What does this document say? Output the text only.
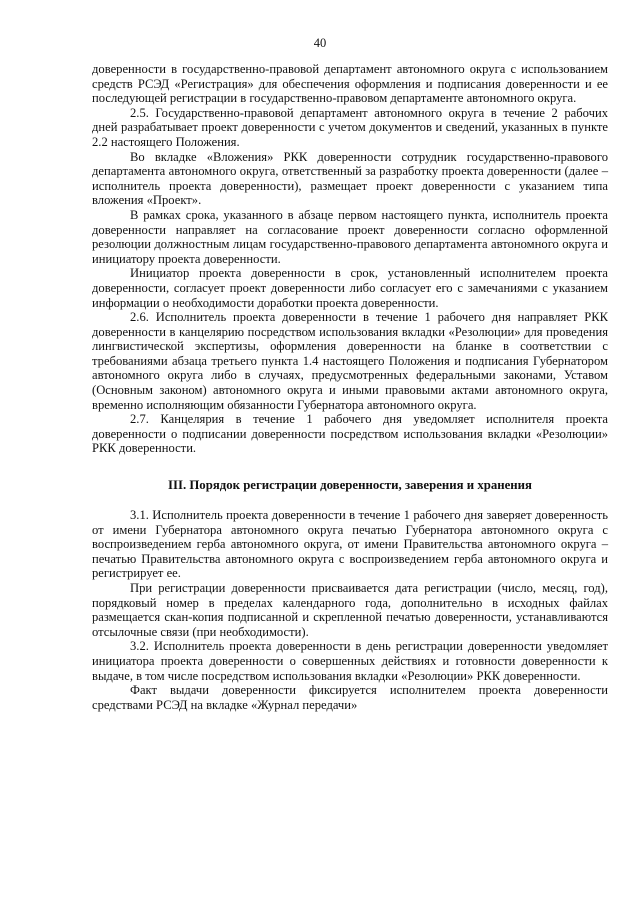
40

доверенности в государственно-правовой департамент автономного округа с использованием средств РСЭД «Регистрация» для обеспечения оформления и подписания доверенности и ее последующей регистрации в государственно-правовом департаменте автономного округа.

2.5. Государственно-правовой департамент автономного округа в течение 2 рабочих дней разрабатывает проект доверенности с учетом документов и сведений, указанных в пункте 2.2 настоящего Положения.

Во вкладке «Вложения» РКК доверенности сотрудник государственно-правового департамента автономного округа, ответственный за разработку проекта доверенности (далее – исполнитель проекта доверенности), размещает проект доверенности с указанием типа вложения «Проект».

В рамках срока, указанного в абзаце первом настоящего пункта, исполнитель проекта доверенности направляет на согласование проект доверенности согласно оформленной резолюции должностным лицам государственно-правового департамента автономного округа и инициатору проекта доверенности.

Инициатор проекта доверенности в срок, установленный исполнителем проекта доверенности, согласует проект доверенности либо согласует его с замечаниями с указанием информации о необходимости доработки проекта доверенности.

2.6. Исполнитель проекта доверенности в течение 1 рабочего дня направляет РКК доверенности в канцелярию посредством использования вкладки «Резолюции» для проведения лингвистической экспертизы, оформления доверенности на бланке в соответствии с требованиями абзаца третьего пункта 1.4 настоящего Положения и подписания Губернатором автономного округа либо в случаях, предусмотренных федеральными законами, Уставом (Основным законом) автономного округа и иными правовыми актами автономного округа, временно исполняющим обязанности Губернатора автономного округа.

2.7. Канцелярия в течение 1 рабочего дня уведомляет исполнителя проекта доверенности о подписании доверенности посредством использования вкладки «Резолюции» РКК доверенности.

III. Порядок регистрации доверенности, заверения и хранения

3.1. Исполнитель проекта доверенности в течение 1 рабочего дня заверяет доверенность от имени Губернатора автономного округа печатью Губернатора автономного округа с воспроизведением герба автономного округа, от имени Правительства автономного округа – печатью Правительства автономного округа с воспроизведением герба автономного округа и регистрирует ее.

При регистрации доверенности присваивается дата регистрации (число, месяц, год), порядковый номер в пределах календарного года, дополнительно в исходных файлах размещается скан-копия подписанной и скрепленной печатью доверенности, устанавливаются отсылочные связи (при необходимости).

3.2. Исполнитель проекта доверенности в день регистрации доверенности уведомляет инициатора проекта доверенности о совершенных действиях и готовности доверенности к выдаче, в том числе посредством использования вкладки «Резолюции» РКК доверенности.

Факт выдачи доверенности фиксируется исполнителем проекта доверенности средствами РСЭД на вкладке «Журнал передачи»
